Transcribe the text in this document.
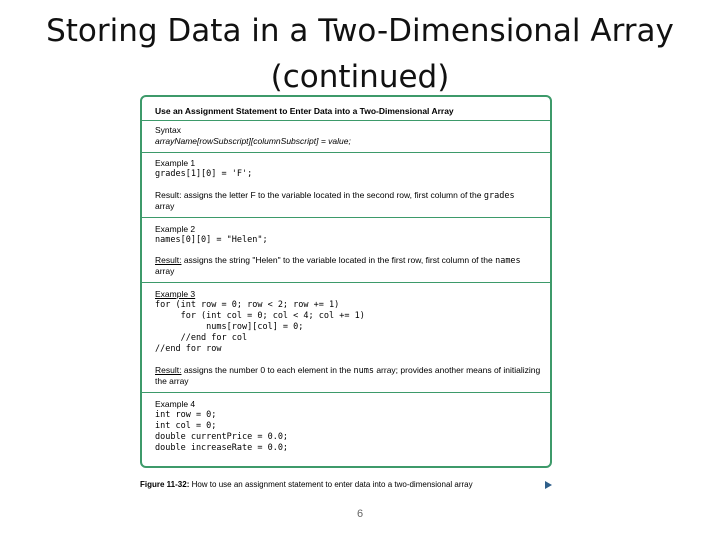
Storing Data in a Two-Dimensional Array
(continued)
Use an Assignment Statement to Enter Data into a Two-Dimensional Array
Syntax
arrayName[rowSubscript][columnSubscript] = value;
Example 1
grades[1][0] = 'F';
Result: assigns the letter F to the variable located in the second row, first column of the grades
array
Example 2
names[0][0] = "Helen";
Result: assigns the string "Helen" to the variable located in the first row, first column of the names
array
Example 3
for (int row = 0; row < 2; row += 1)
for (int col = 0; col < 4; col += 1)
nums[row][col] = 0;
//end for col
//end for row
Result: assigns the number 0 to each element in the nums array; provides another means of initializing
the array
Example 4
int row = 0;
int col = 0;
double currentPrice = 0.0;
double increaseRate = 0.0;
Figure 11-32: How to use an assignment statement to enter data into a two-dimensional array
6
